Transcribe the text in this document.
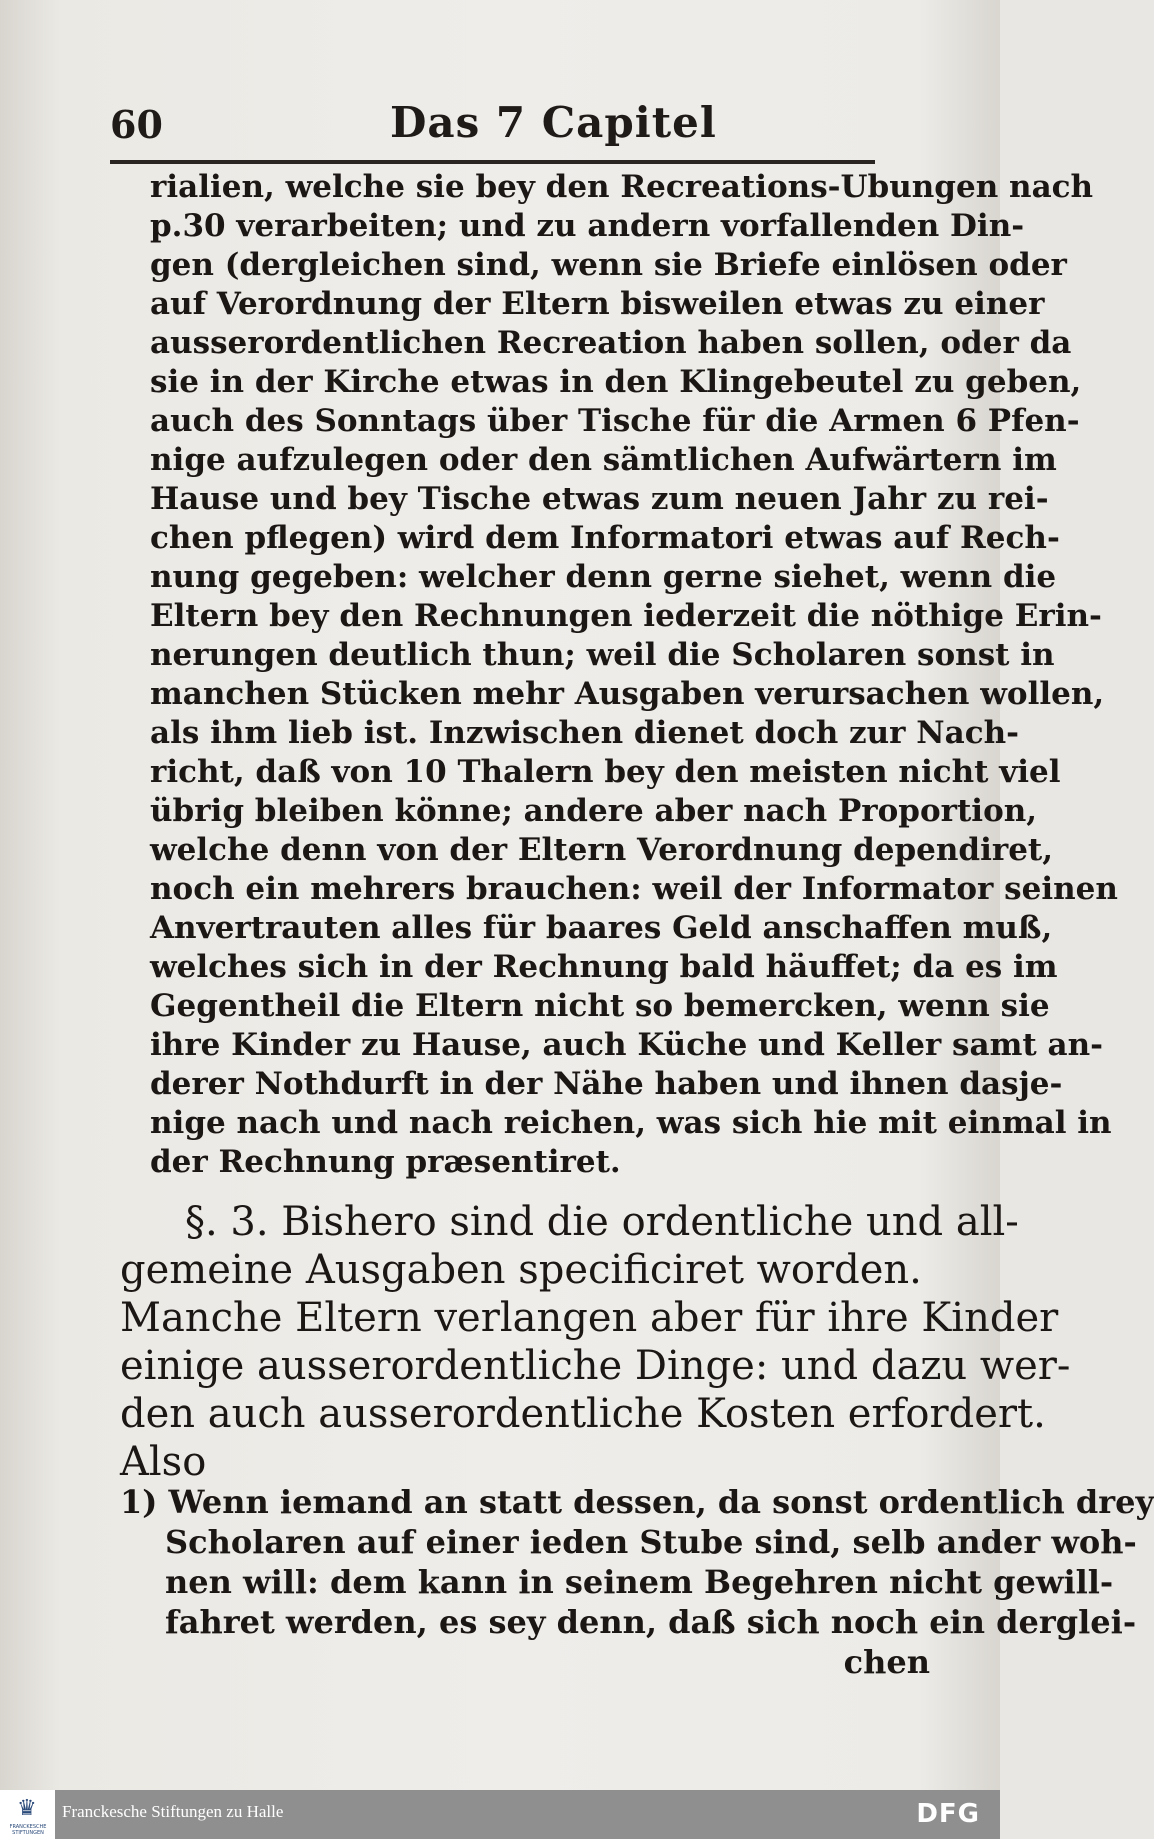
60	Das 7 Capitel
rialien, welche sie bey den Recreations-Ubungen nach
p.30 verarbeiten; und zu andern vorfallenden Din-
gen (dergleichen sind, wenn sie Briefe einlösen oder
auf Verordnung der Eltern bisweilen etwas zu einer
ausserordentlichen Recreation haben sollen, oder da
sie in der Kirche etwas in den Klingebeutel zu geben,
auch des Sonntags über Tische für die Armen 6 Pfen-
nige aufzulegen oder den sämtlichen Aufwärtern im
Hause und bey Tische etwas zum neuen Jahr zu rei-
chen pflegen) wird dem Informatori etwas auf Rech-
nung gegeben: welcher denn gerne siehet, wenn die
Eltern bey den Rechnungen iederzeit die nöthige Erin-
nerungen deutlich thun; weil die Scholaren sonst in
manchen Stücken mehr Ausgaben verursachen wollen,
als ihm lieb ist. Inzwischen dienet doch zur Nach-
richt, daß von 10 Thalern bey den meisten nicht viel
übrig bleiben könne; andere aber nach Proportion,
welche denn von der Eltern Verordnung dependiret,
noch ein mehrers brauchen: weil der Informator seinen
Anvertrauten alles für baares Geld anschaffen muß,
welches sich in der Rechnung bald häuffet; da es im
Gegentheil die Eltern nicht so bemercken, wenn sie
ihre Kinder zu Hause, auch Küche und Keller samt an-
derer Nothdurft in der Nähe haben und ihnen dasje-
nige nach und nach reichen, was sich hie mit einmal in
der Rechnung præsentiret.
§. 3. Bishero sind die ordentliche und all-
gemeine Ausgaben specificiret worden.
Manche Eltern verlangen aber für ihre Kinder
einige ausserordentliche Dinge: und dazu wer-
den auch ausserordentliche Kosten erfordert.
Also
1) Wenn iemand an statt dessen, da sonst ordentlich drey
Scholaren auf einer ieden Stube sind, selb ander woh-
nen will: dem kann in seinem Begehren nicht gewill-
fahret werden, es sey denn, daß sich noch ein derglei-
chen
♛
FRANCKESCHE STIFTUNGEN
Franckesche Stiftungen zu Halle	DFG
